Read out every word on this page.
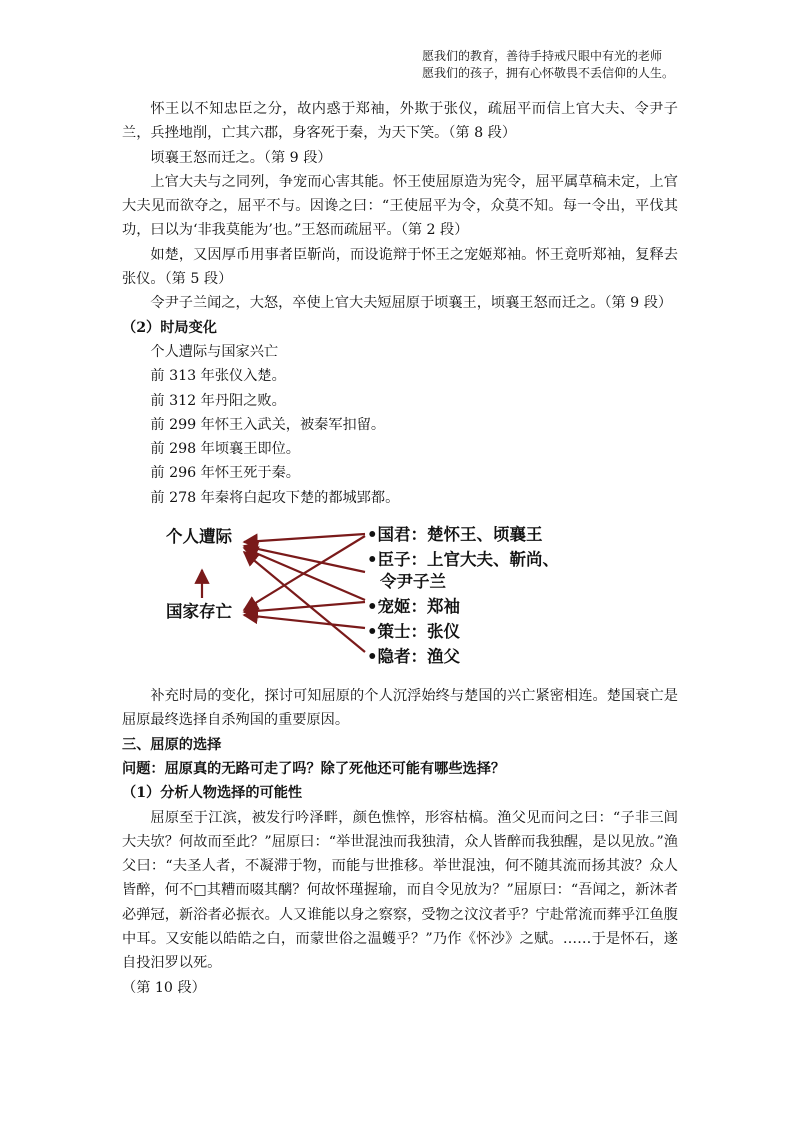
愿我们的教育，善待手持戒尺眼中有光的老师
愿我们的孩子，拥有心怀敬畏不丢信仰的人生。

怀王以不知忠臣之分，故内惑于郑袖，外欺于张仪，疏屈平而信上官大夫、令尹子兰，兵挫地削，亡其六郡，身客死于秦，为天下笑。（第 8 段）

顷襄王怒而迁之。（第 9 段）

上官大夫与之同列，争宠而心害其能。怀王使屈原造为宪令，屈平属草稿未定，上官大夫见而欲夺之，屈平不与。因谗之曰：“王使屈平为令，众莫不知。每一令出，平伐其功，曰以为‘非我莫能为’也。”王怒而疏屈平。（第 2 段）

如楚，又因厚币用事者臣靳尚，而设诡辩于怀王之宠姬郑袖。怀王竟听郑袖，复释去张仪。（第 5 段）

令尹子兰闻之，大怒，卒使上官大夫短屈原于顷襄王，顷襄王怒而迁之。（第 9 段）

（2）时局变化

个人遭际与国家兴亡

前 313 年张仪入楚。

前 312 年丹阳之败。

前 299 年怀王入武关，被秦军扣留。

前 298 年顷襄王即位。

前 296 年怀王死于秦。

前 278 年秦将白起攻下楚的都城郢都。

个人遭际
国家存亡
•国君：楚怀王、顷襄王
•臣子：上官大夫、靳尚、
令尹子兰
•宠姬：郑袖
•策士：张仪
•隐者：渔父

补充时局的变化，探讨可知屈原的个人沉浮始终与楚国的兴亡紧密相连。楚国衰亡是屈原最终选择自杀殉国的重要原因。

三、屈原的选择

问题：屈原真的无路可走了吗？除了死他还可能有哪些选择？

（1）分析人物选择的可能性

屈原至于江滨，被发行吟泽畔，颜色憔悴，形容枯槁。渔父见而问之曰：“子非三闾大夫欤？何故而至此？”屈原曰：“举世混浊而我独清，众人皆醉而我独醒，是以见放。”渔父曰：“夫圣人者，不凝滞于物，而能与世推移。举世混浊，何不随其流而扬其波？众人皆醉，何不□其糟而啜其醨？何故怀瑾握瑜，而自令见放为？”屈原曰：“吾闻之，新沐者必弹冠，新浴者必振衣。人又谁能以身之察察，受物之汶汶者乎？宁赴常流而葬乎江鱼腹中耳。又安能以皓皓之白，而蒙世俗之温蠖乎？”乃作《怀沙》之赋。……于是怀石，遂自投汨罗以死。

（第 10 段）
